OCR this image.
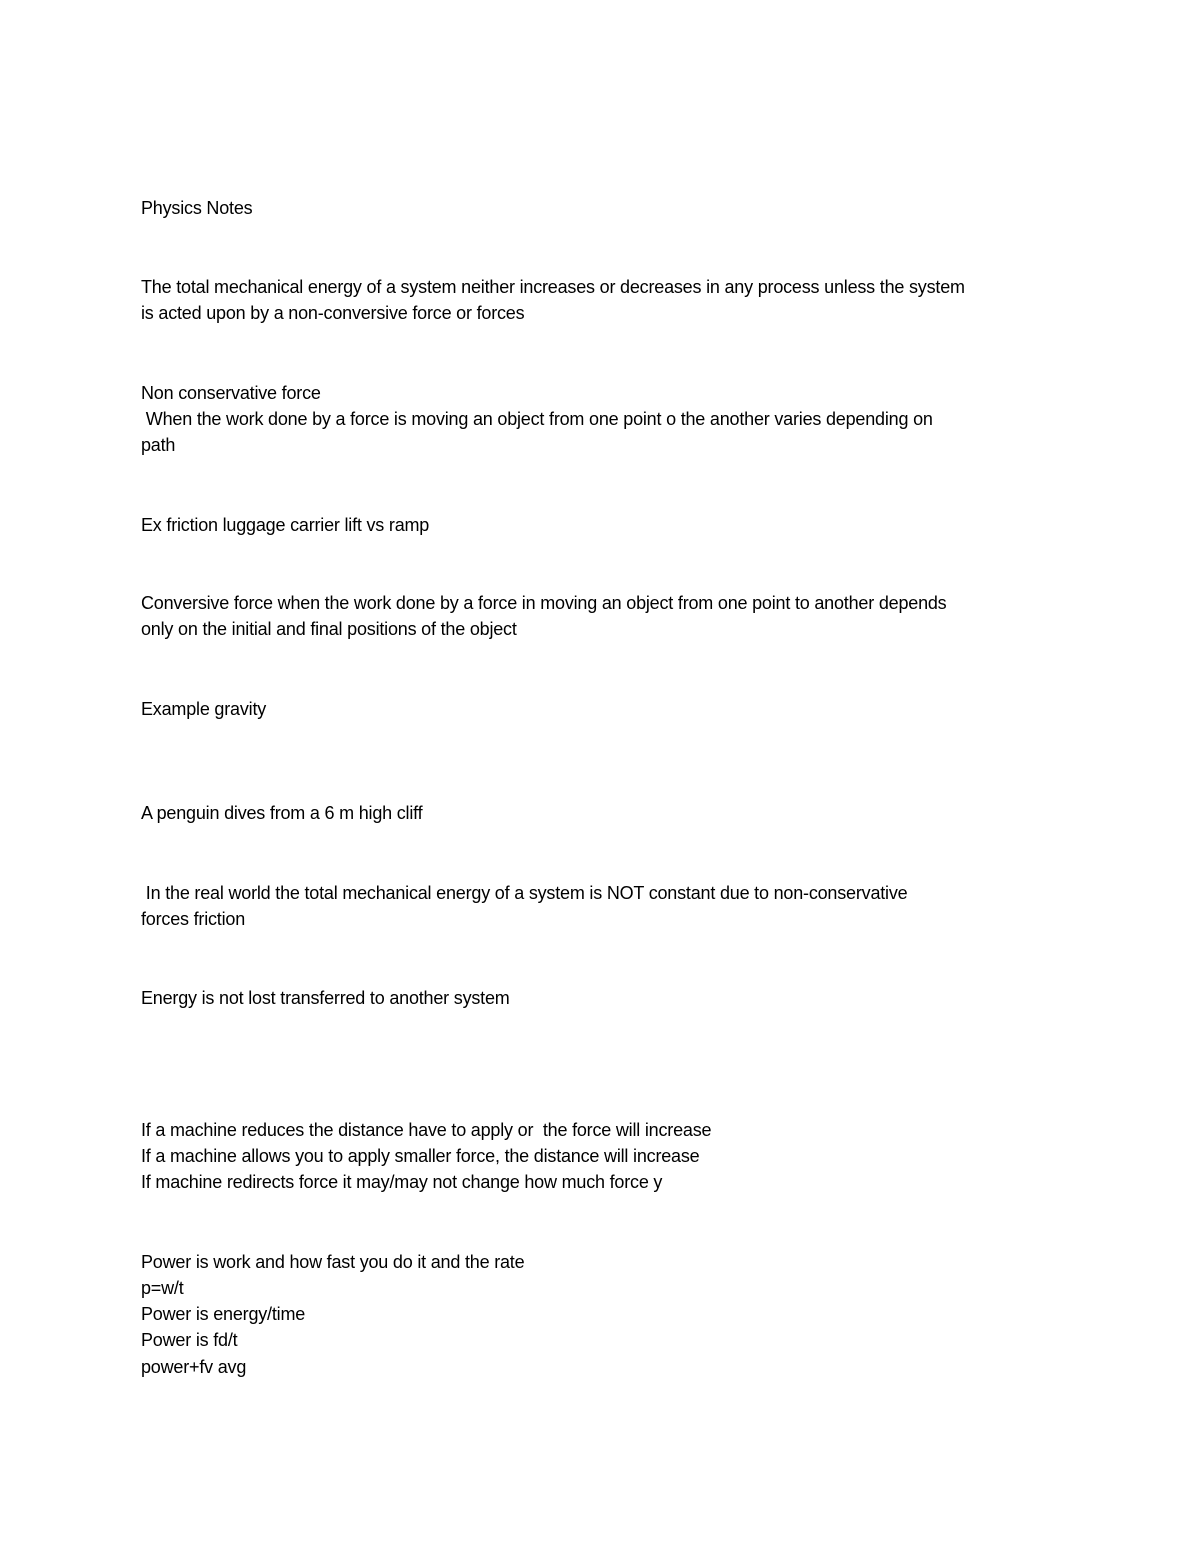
Physics Notes
The total mechanical energy of a system neither increases or decreases in any process unless the system
is acted upon by a non-conversive force or forces
Non conservative force
When the work done by a force is moving an object from one point o the another varies depending on
path
Ex friction luggage carrier lift vs ramp
Conversive force when the work done by a force in moving an object from one point to another depends
only on the initial and final positions of the object
Example gravity
A penguin dives from a 6 m high cliff
In the real world the total mechanical energy of a system is NOT constant due to non-conservative
forces friction
Energy is not lost transferred to another system
If a machine reduces the distance have to apply or  the force will increase
If a machine allows you to apply smaller force, the distance will increase
If machine redirects force it may/may not change how much force y
Power is work and how fast you do it and the rate
p=w/t
Power is energy/time
Power is fd/t
power+fv avg
